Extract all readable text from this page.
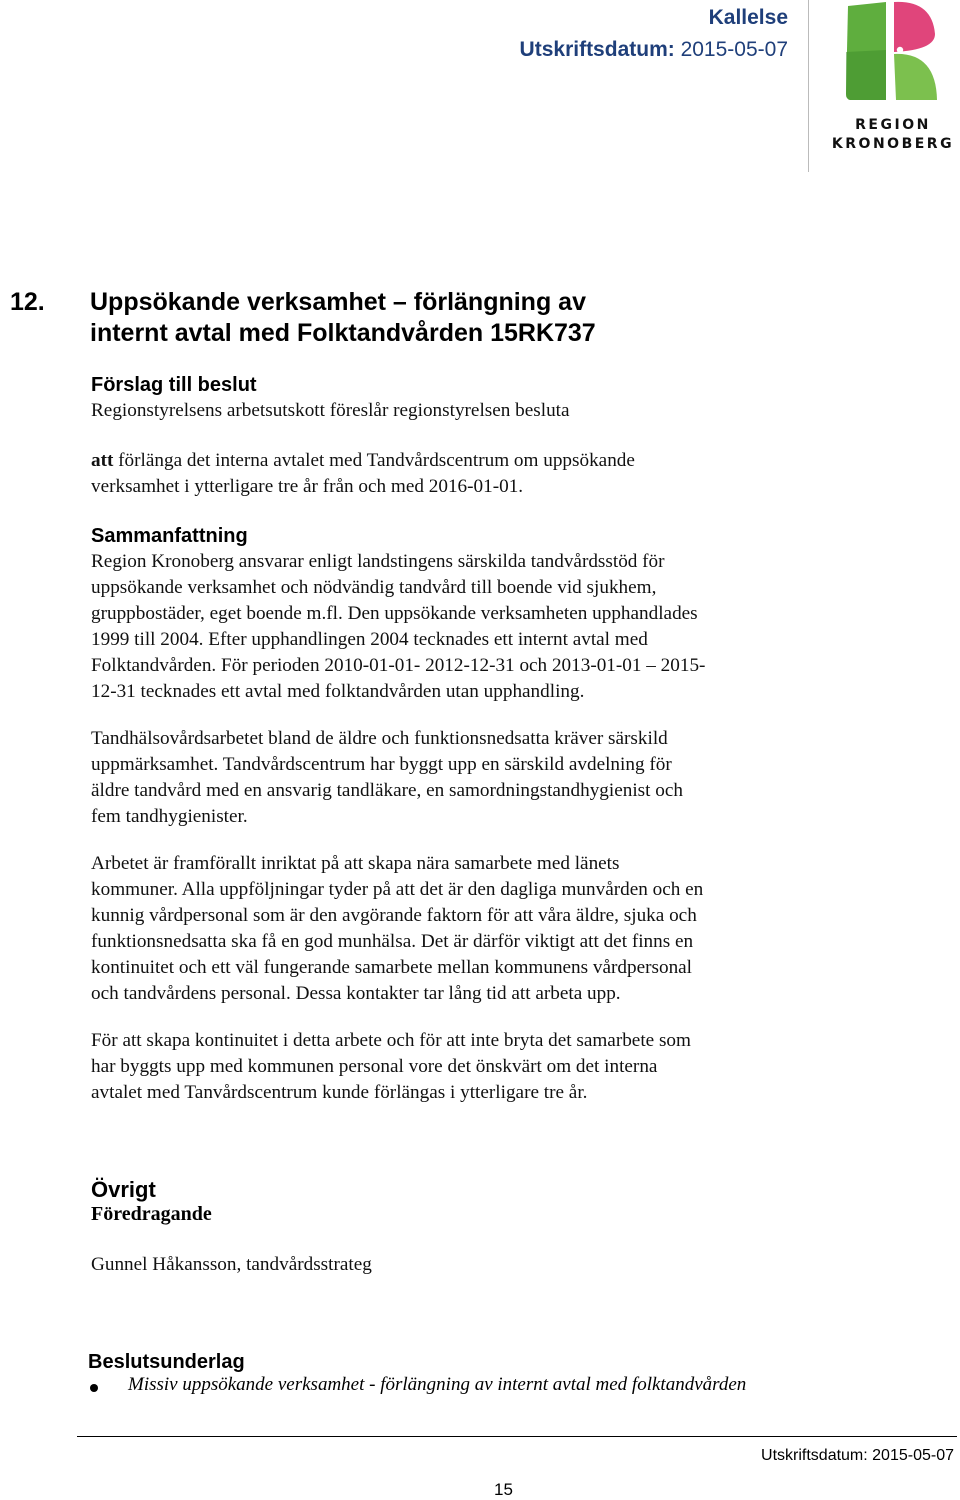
Kallelse
Utskriftsdatum: 2015-05-07
REGION
KRONOBERG
12. Uppsökande verksamhet – förlängning av
internt avtal med Folktandvården 15RK737
Förslag till beslut
Regionstyrelsens arbetsutskott föreslår regionstyrelsen besluta
att förlänga det interna avtalet med Tandvårdscentrum om uppsökande
verksamhet i ytterligare tre år från och med 2016-01-01.
Sammanfattning
Region Kronoberg ansvarar enligt landstingens särskilda tandvårdsstöd för
uppsökande verksamhet och nödvändig tandvård till boende vid sjukhem,
gruppbostäder, eget boende m.fl. Den uppsökande verksamheten upphandlades
1999 till 2004. Efter upphandlingen 2004 tecknades ett internt avtal med
Folktandvården. För perioden 2010-01-01- 2012-12-31 och 2013-01-01 – 2015-
12-31 tecknades ett avtal med folktandvården utan upphandling.
Tandhälsovårdsarbetet bland de äldre och funktionsnedsatta kräver särskild
uppmärksamhet. Tandvårdscentrum har byggt upp en särskild avdelning för
äldre tandvård med en ansvarig tandläkare, en samordningstandhygienist och
fem tandhygienister.
Arbetet är framförallt inriktat på att skapa nära samarbete med länets
kommuner. Alla uppföljningar tyder på att det är den dagliga munvården och en
kunnig vårdpersonal som är den avgörande faktorn för att våra äldre, sjuka och
funktionsnedsatta ska få en god munhälsa. Det är därför viktigt att det finns en
kontinuitet och ett väl fungerande samarbete mellan kommunens vårdpersonal
och tandvårdens personal. Dessa kontakter tar lång tid att arbeta upp.
För att skapa kontinuitet i detta arbete och för att inte bryta det samarbete som
har byggts upp med kommunen personal vore det önskvärt om det interna
avtalet med Tanvårdscentrum kunde förlängas i ytterligare tre år.
Övrigt
Föredragande
Gunnel Håkansson, tandvårdsstrateg
Beslutsunderlag
Missiv uppsökande verksamhet - förlängning av internt avtal med folktandvården
Utskriftsdatum: 2015-05-07
15
